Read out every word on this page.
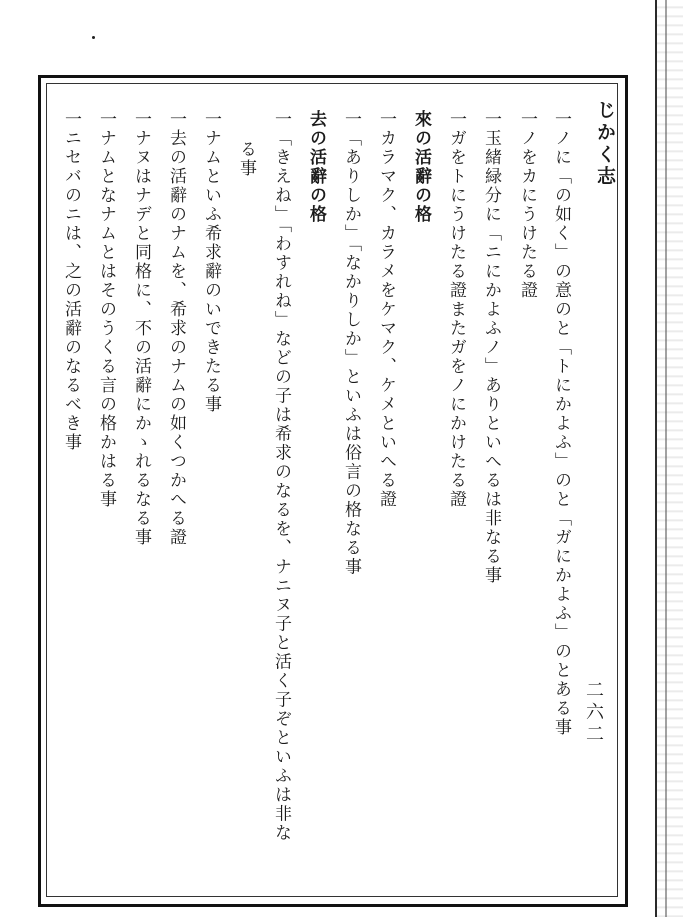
じかく志
二六二
一ノに「の如く」の意のと「トにかよふ」のと「ガにかよふ」のとある事
一ノをカにうけたる證
一玉緒緑分に「ニにかよふノ」ありといへるは非なる事
一ガをトにうけたる證またガをノにかけたる證
來の活辭の格
一カラマク、カラメをケマク、ケメといへる證
一「ありしか」「なかりしか」といふは俗言の格なる事
去の活辭の格
一「きえね」「わすれね」などの子は希求のなるを、ナニヌ子と活く子ぞといふは非な
る事
一ナムといふ希求辭のいできたる事
一去の活辭のナムを、希求のナムの如くつかへる證
一ナヌはナデと同格に、不の活辭にかゝれるなる事
一ナムとなナムとはそのうくる言の格かはる事
一ニセバのニは、之の活辭のなるべき事
